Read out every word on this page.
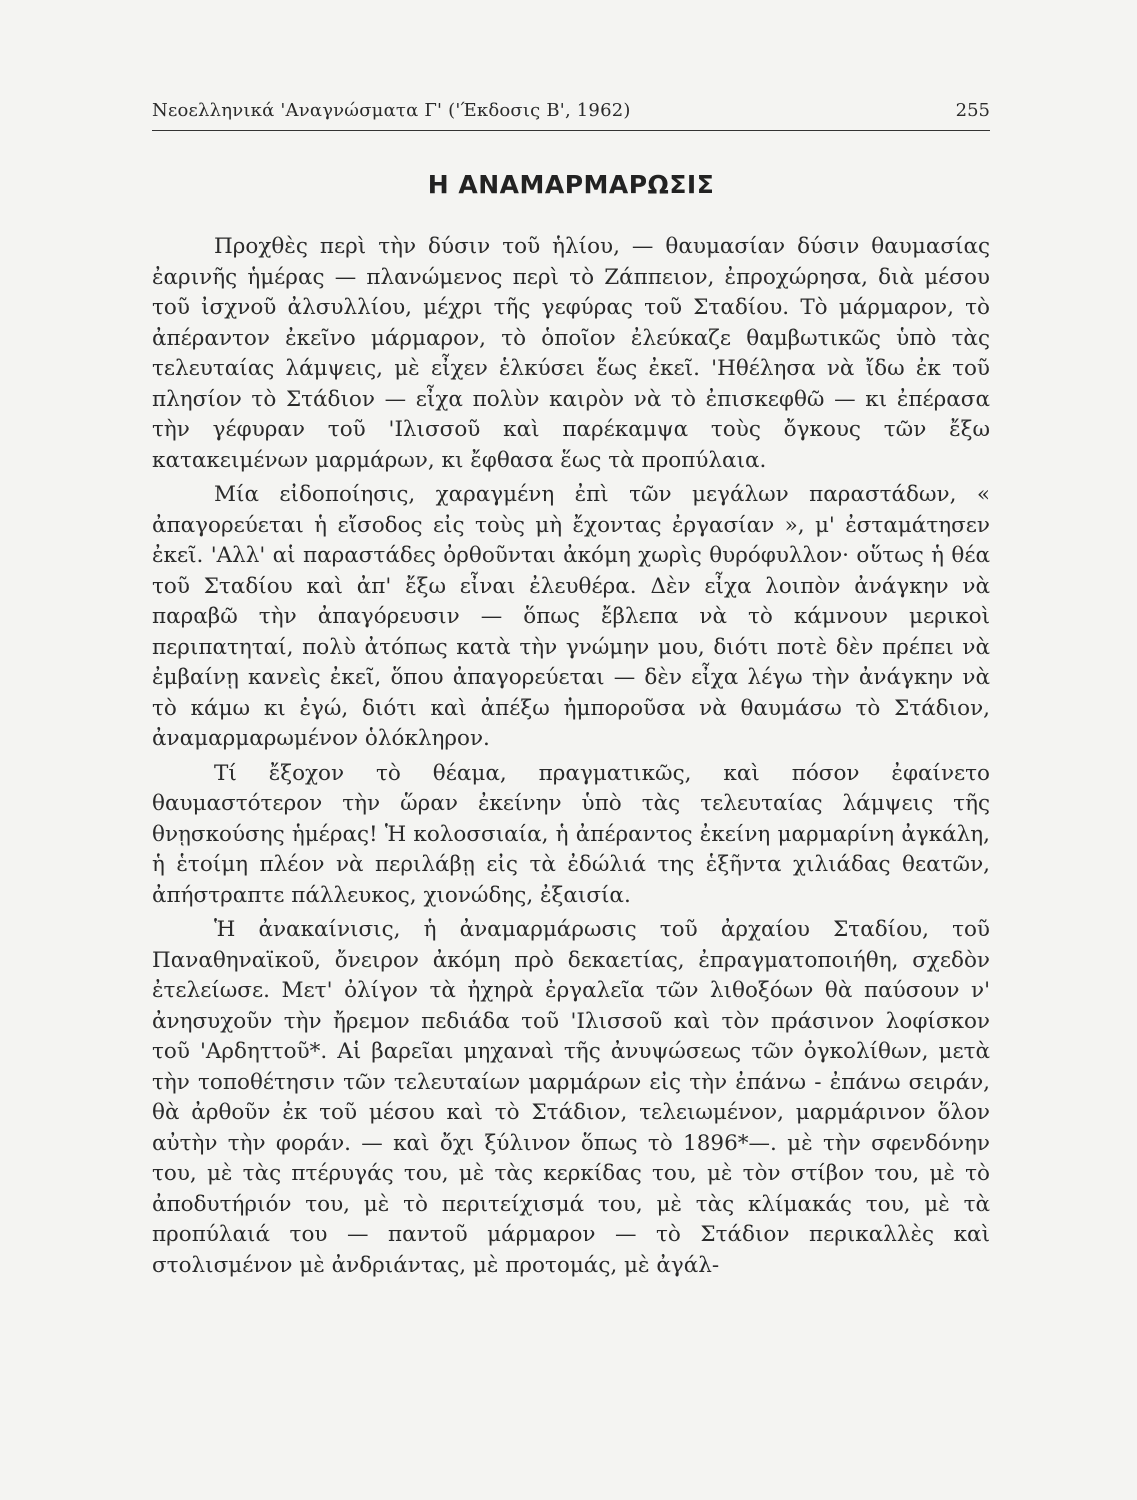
Νεοελληνικά 'Αναγνώσματα Γ' ('Έκδοσις Β', 1962)	255
Η ΑΝΑΜΑΡΜΑΡΩΣΙΣ

Προχθὲς περὶ τὴν δύσιν τοῦ ἡλίου, — θαυμασίαν δύσιν θαυμασίας ἐαρινῆς ἡμέρας — πλανώμενος περὶ τὸ Ζάππειον, ἐπροχώρησα, διὰ μέσου τοῦ ἰσχνοῦ ἀλσυλλίου, μέχρι τῆς γεφύρας τοῦ Σταδίου. Τὸ μάρμαρον, τὸ ἀπέραντον ἐκεῖνο μάρμαρον, τὸ ὁποῖον ἐλεύκαζε θαμβωτικῶς ὑπὸ τὰς τελευταίας λάμψεις, μὲ εἶχεν ἑλκύσει ἕως ἐκεῖ. 'Ηθέλησα νὰ ἴδω ἐκ τοῦ πλησίον τὸ Στάδιον — εἶχα πολὺν καιρὸν νὰ τὸ ἐπισκεφθῶ — κι ἐπέρασα τὴν γέφυραν τοῦ 'Ιλισσοῦ καὶ παρέκαμψα τοὺς ὄγκους τῶν ἔξω κατακειμένων μαρμάρων, κι ἔφθασα ἕως τὰ προπύλαια.

Μία εἰδοποίησις, χαραγμένη ἐπὶ τῶν μεγάλων παραστάδων, « ἀπαγορεύεται ἡ εἴσοδος εἰς τοὺς μὴ ἔχοντας ἐργασίαν », μ' ἐσταμάτησεν ἐκεῖ. 'Αλλ' αἱ παραστάδες ὀρθοῦνται ἀκόμη χωρὶς θυρόφυλλον· οὕτως ἡ θέα τοῦ Σταδίου καὶ ἀπ' ἔξω εἶναι ἐλευθέρα. Δὲν εἶχα λοιπὸν ἀνάγκην νὰ παραβῶ τὴν ἀπαγόρευσιν — ὅπως ἔβλεπα νὰ τὸ κάμνουν μερικοὶ περιπατηταί, πολὺ ἀτόπως κατὰ τὴν γνώμην μου, διότι ποτὲ δὲν πρέπει νὰ ἐμβαίνῃ κανεὶς ἐκεῖ, ὅπου ἀπαγορεύεται — δὲν εἶχα λέγω τὴν ἀνάγκην νὰ τὸ κάμω κι ἐγώ, διότι καὶ ἀπέξω ἠμποροῦσα νὰ θαυμάσω τὸ Στάδιον, ἀναμαρμαρωμένον ὁλόκληρον.

Τί ἔξοχον τὸ θέαμα, πραγματικῶς, καὶ πόσον ἐφαίνετο θαυμαστότερον τὴν ὥραν ἐκείνην ὑπὸ τὰς τελευταίας λάμψεις τῆς θνῃσκούσης ἡμέρας! Ἡ κολοσσιαία, ἡ ἀπέραντος ἐκείνη μαρμαρίνη ἀγκάλη, ἡ ἑτοίμη πλέον νὰ περιλάβῃ εἰς τὰ ἐδώλιά της ἑξῆντα χιλιάδας θεατῶν, ἀπήστραπτε πάλλευκος, χιονώδης, ἐξαισία.

Ἡ ἀνακαίνισις, ἡ ἀναμαρμάρωσις τοῦ ἀρχαίου Σταδίου, τοῦ Παναθηναϊκοῦ, ὄνειρον ἀκόμη πρὸ δεκαετίας, ἐπραγματοποιήθη, σχεδὸν ἐτελείωσε. Μετ' ὀλίγον τὰ ἠχηρὰ ἐργαλεῖα τῶν λιθοξόων θὰ παύσουν ν' ἀνησυχοῦν τὴν ἤρεμον πεδιάδα τοῦ 'Ιλισσοῦ καὶ τὸν πράσινον λοφίσκον τοῦ 'Αρδηττοῦ*. Αἱ βαρεῖαι μηχαναὶ τῆς ἀνυψώσεως τῶν ὀγκολίθων, μετὰ τὴν τοποθέτησιν τῶν τελευταίων μαρμάρων εἰς τὴν ἐπάνω - ἐπάνω σειράν, θὰ ἀρθοῦν ἐκ τοῦ μέσου καὶ τὸ Στάδιον, τελειωμένον, μαρμάρινον ὅλον αὐτὴν τὴν φοράν. — καὶ ὄχι ξύλινον ὅπως τὸ 1896*—. μὲ τὴν σφενδόνην του, μὲ τὰς πτέρυγάς του, μὲ τὰς κερκίδας του, μὲ τὸν στίβον του, μὲ τὸ ἀποδυτήριόν του, μὲ τὸ περιτείχισμά του, μὲ τὰς κλίμακάς του, μὲ τὰ προπύλαιά του — παντοῦ μάρμαρον — τὸ Στάδιον περικαλλὲς καὶ στολισμένον μὲ ἀνδριάντας, μὲ προτομάς, μὲ ἀγάλ-
